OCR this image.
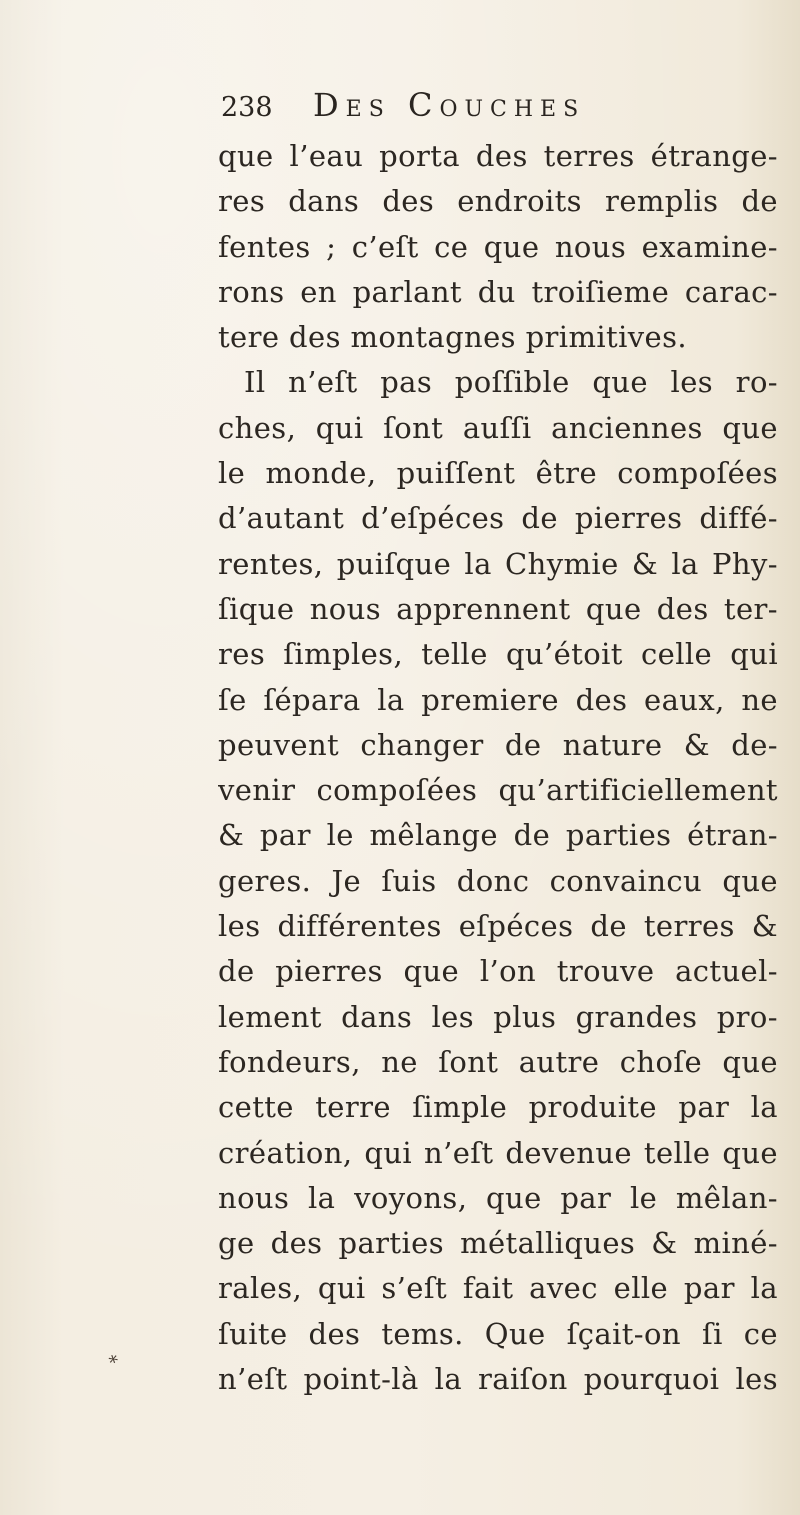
238 Des Couches
que l’eau porta des terres étrange-
res dans des endroits remplis de
fentes ; c’eſt ce que nous examine-
rons en parlant du troiſieme carac-
tere des montagnes primitives.
Il n’eſt pas poſſible que les ro-
ches, qui ſont auſſi anciennes que
le monde, puiſſent être compoſées
d’autant d’eſpéces de pierres diffé-
rentes, puiſque la Chymie & la Phy-
ſique nous apprennent que des ter-
res ſimples, telle qu’étoit celle qui
ſe ſépara la premiere des eaux, ne
peuvent changer de nature & de-
venir compoſées qu’artificiellement
& par le mêlange de parties étran-
geres. Je ſuis donc convaincu que
les différentes eſpéces de terres &
de pierres que l’on trouve actuel-
lement dans les plus grandes pro-
fondeurs, ne ſont autre choſe que
cette terre ſimple produite par la
création, qui n’eſt devenue telle que
nous la voyons, que par le mêlan-
ge des parties métalliques & miné-
rales, qui s’eſt fait avec elle par la
ſuite des tems. Que ſçait-on ſi ce
n’eſt point-là la raiſon pourquoi les
*
